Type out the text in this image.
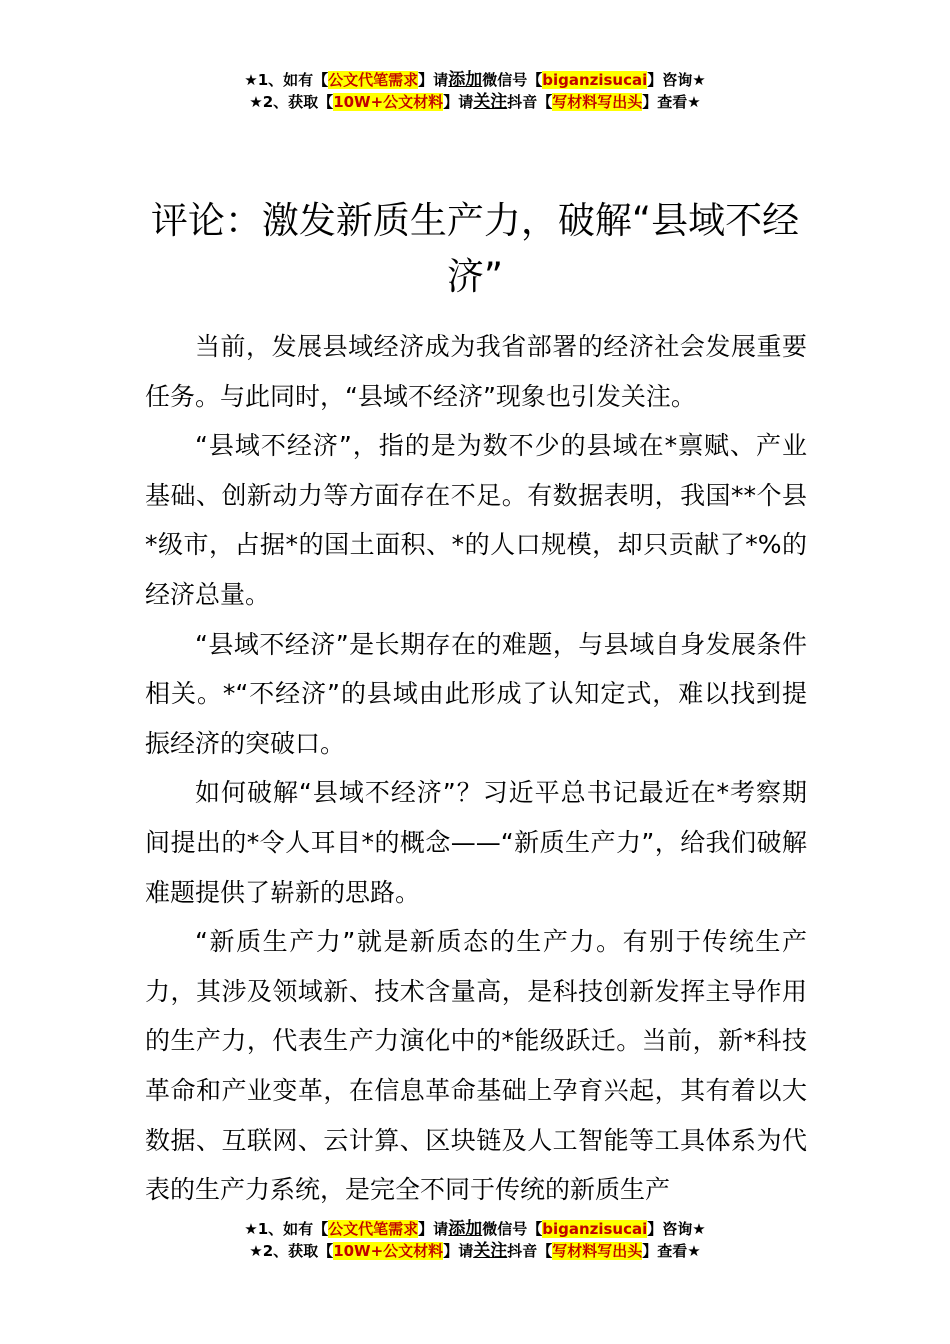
★1、如有【公文代笔需求】请添加微信号【biganzisucai】咨询★
★2、获取【10W+公文材料】请关注抖音【写材料写出头】查看★
评论：激发新质生产力，破解“县域不经济”

当前，发展县域经济成为我省部署的经济社会发展重要任务。与此同时，“县域不经济”现象也引发关注。

“县域不经济”，指的是为数不少的县域在*禀赋、产业基础、创新动力等方面存在不足。有数据表明，我国**个县*级市，占据*的国土面积、*的人口规模，却只贡献了*%的经济总量。

“县域不经济”是长期存在的难题，与县域自身发展条件相关。*“不经济”的县域由此形成了认知定式，难以找到提振经济的突破口。

如何破解“县域不经济”？习近平总书记最近在*考察期间提出的*令人耳目*的概念——“新质生产力”，给我们破解难题提供了崭新的思路。

“新质生产力”就是新质态的生产力。有别于传统生产力，其涉及领域新、技术含量高，是科技创新发挥主导作用的生产力，代表生产力演化中的*能级跃迁。当前，新*科技革命和产业变革，在信息革命基础上孕育兴起，其有着以大数据、互联网、云计算、区块链及人工智能等工具体系为代表的生产力系统，是完全不同于传统的新质生产

★1、如有【公文代笔需求】请添加微信号【biganzisucai】咨询★
★2、获取【10W+公文材料】请关注抖音【写材料写出头】查看★
